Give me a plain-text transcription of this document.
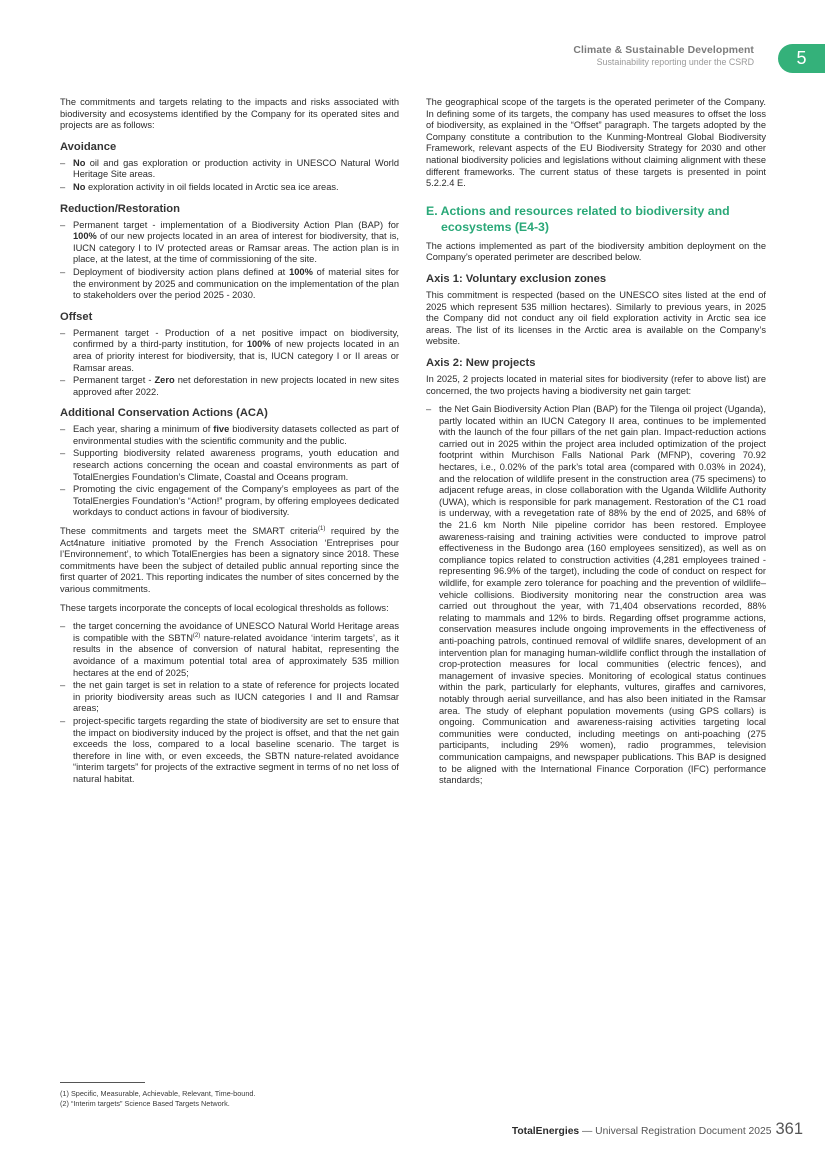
Climate & Sustainable Development
Sustainability reporting under the CSRD	5

The commitments and targets relating to the impacts and risks associated with biodiversity and ecosystems identified by the Company for its operated sites and projects are as follows:

Avoidance
– No oil and gas exploration or production activity in UNESCO Natural World Heritage Site areas.
– No exploration activity in oil fields located in Arctic sea ice areas.
Reduction/Restoration
– Permanent target - implementation of a Biodiversity Action Plan (BAP) for 100% of our new projects located in an area of interest for biodiversity, that is, IUCN category I to IV protected areas or Ramsar areas. The action plan is in place, at the latest, at the time of commissioning of the site.
– Deployment of biodiversity action plans defined at 100% of material sites for the environment by 2025 and communication on the implementation of the plan to stakeholders over the period 2025 - 2030.
Offset
– Permanent target - Production of a net positive impact on biodiversity, confirmed by a third-party institution, for 100% of new projects located in an area of priority interest for biodiversity, that is, IUCN category I or II areas or Ramsar areas.
– Permanent target - Zero net deforestation in new projects located in new sites approved after 2022.
Additional Conservation Actions (ACA)
– Each year, sharing a minimum of five biodiversity datasets collected as part of environmental studies with the scientific community and the public.
– Supporting biodiversity related awareness programs, youth education and research actions concerning the ocean and coastal environments as part of TotalEnergies Foundation’s Climate, Coastal and Oceans program.
– Promoting the civic engagement of the Company’s employees as part of the TotalEnergies Foundation’s “Action!” program, by offering employees dedicated workdays to conduct actions in favour of biodiversity.

These commitments and targets meet the SMART criteria$^{(1)}$ required by the Act4nature initiative promoted by the French Association ‘Entreprises pour l’Environnement’, to which TotalEnergies has been a signatory since 2018. These commitments have been the subject of detailed public annual reporting since the first quarter of 2021. This reporting indicates the number of sites concerned by the various commitments.

These targets incorporate the concepts of local ecological thresholds as follows:

– the target concerning the avoidance of UNESCO Natural World Heritage areas is compatible with the SBTN$^{(2)}$ nature-related avoidance ‘interim targets’, as it results in the absence of conversion of natural habitat, representing the avoidance of a maximum potential total area of approximately 535 million hectares at the end of 2025;
– the net gain target is set in relation to a state of reference for projects located in priority biodiversity areas such as IUCN categories I and II and Ramsar areas;
– project-specific targets regarding the state of biodiversity are set to ensure that the impact on biodiversity induced by the project is offset, and that the net gain exceeds the loss, compared to a local baseline scenario. The target is therefore in line with, or even exceeds, the SBTN nature-related avoidance “interim targets” for projects of the extractive segment in terms of no net loss of natural habitat.

The geographical scope of the targets is the operated perimeter of the Company. In defining some of its targets, the company has used measures to offset the loss of biodiversity, as explained in the “Offset” paragraph. The targets adopted by the Company constitute a contribution to the Kunming-Montreal Global Biodiversity Framework, relevant aspects of the EU Biodiversity Strategy for 2030 and other national biodiversity policies and legislations without claiming alignment with these different frameworks. The current status of these targets is presented in point 5.2.2.4 E.

E. Actions and resources related to biodiversity and ecosystems (E4-3)

The actions implemented as part of the biodiversity ambition deployment on the Company’s operated perimeter are described below.

Axis 1: Voluntary exclusion zones

This commitment is respected (based on the UNESCO sites listed at the end of 2025 which represent 535 million hectares). Similarly to previous years, in 2025 the Company did not conduct any oil field exploration activity in Arctic sea ice areas. The list of its licenses in the Arctic area is available on the Company’s website.

Axis 2: New projects

In 2025, 2 projects located in material sites for biodiversity (refer to above list) are concerned, the two projects having a biodiversity net gain target:

– the Net Gain Biodiversity Action Plan (BAP) for the Tilenga oil project (Uganda), partly located within an IUCN Category II area, continues to be implemented with the launch of the four pillars of the net gain plan. Impact-reduction actions carried out in 2025 within the project area included optimization of the project footprint within Murchison Falls National Park (MFNP), covering 70.92 hectares, i.e., 0.02% of the park’s total area (compared with 0.03% in 2024), and the relocation of wildlife present in the construction area (75 specimens) to adjacent refuge areas, in close collaboration with the Uganda Wildlife Authority (UWA), which is responsible for park management. Restoration of the C1 road is underway, with a revegetation rate of 88% by the end of 2025, and 68% of the 21.6 km North Nile pipeline corridor has been restored. Employee awareness-raising and training activities were conducted to improve patrol effectiveness in the Budongo area (160 employees sensitized), as well as on compliance topics related to construction activities (4,281 employees trained - representing 96.9% of the target), including the code of conduct on respect for wildlife, for example zero tolerance for poaching and the prevention of wildlife–vehicle collisions. Biodiversity monitoring near the construction area was carried out throughout the year, with 71,404 observations recorded, 88% relating to mammals and 12% to birds. Regarding offset programme actions, conservation measures include ongoing improvements in the effectiveness of anti-poaching patrols, continued removal of wildlife snares, development of an intervention plan for managing human-wildlife conflict through the installation of crop-protection measures for local communities (electric fences), and management of invasive species. Monitoring of ecological status continues within the park, particularly for elephants, vultures, giraffes and carnivores, notably through aerial surveillance, and has also been initiated in the Ramsar area. The study of elephant population movements (using GPS collars) is ongoing. Communication and awareness-raising activities targeting local communities were conducted, including meetings on anti-poaching (275 participants, including 29% women), radio programmes, television communication campaigns, and newspaper publications. This BAP is designed to be aligned with the International Finance Corporation (IFC) performance standards;
(1) Specific, Measurable, Achievable, Relevant, Time-bound.
(2) “Interim targets” Science Based Targets Network.
TotalEnergies — Universal Registration Document 2025 361
